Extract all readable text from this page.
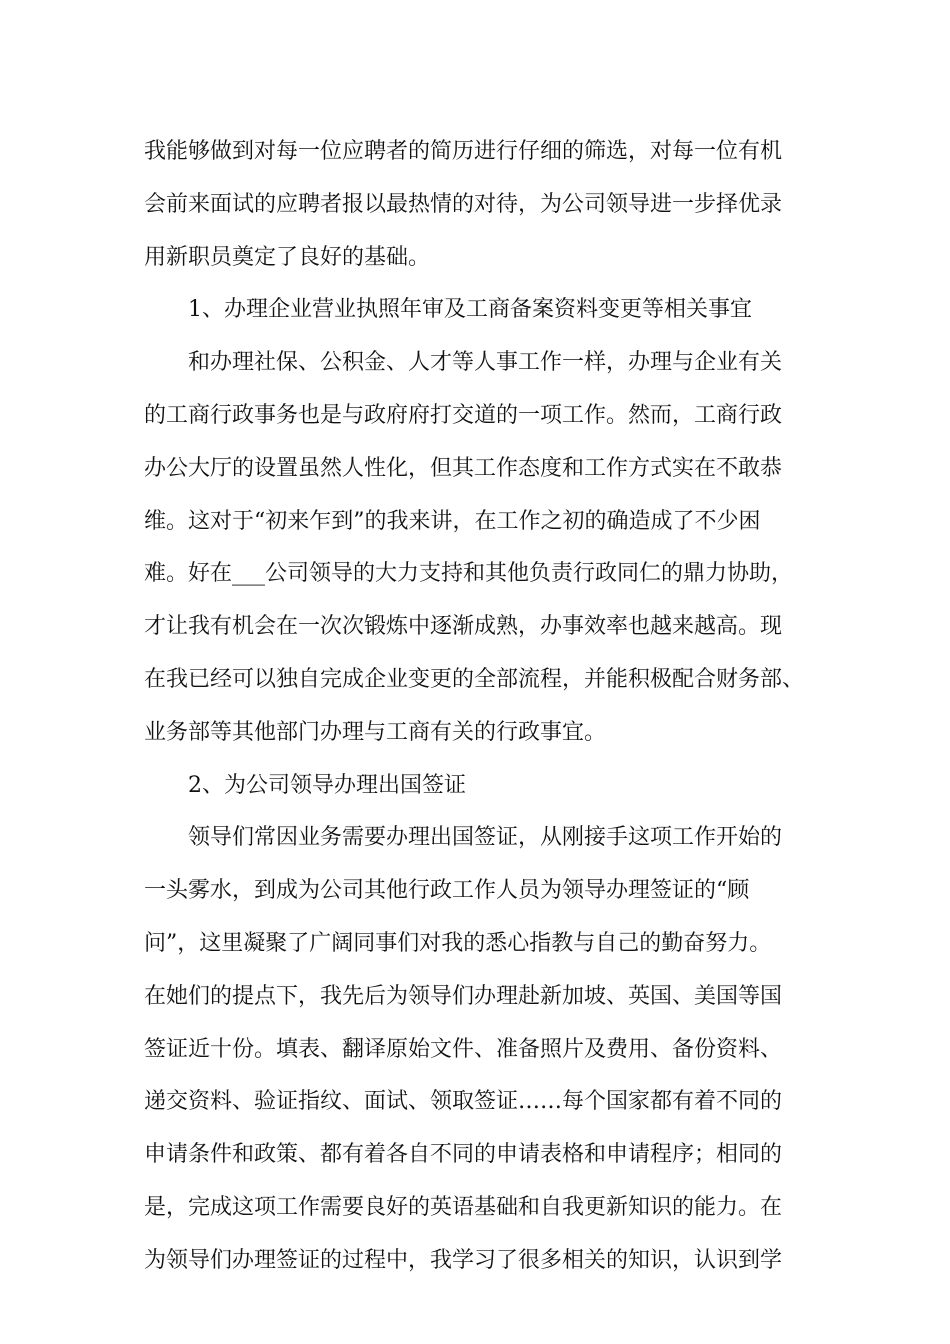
我能够做到对每一位应聘者的简历进行仔细的筛选，对每一位有机
会前来面试的应聘者报以最热情的对待，为公司领导进一步择优录
用新职员奠定了良好的基础。
1、办理企业营业执照年审及工商备案资料变更等相关事宜
和办理社保、公积金、人才等人事工作一样，办理与企业有关
的工商行政事务也是与政府府打交道的一项工作。然而，工商行政
办公大厅的设置虽然人性化，但其工作态度和工作方式实在不敢恭
维。这对于“初来乍到”的我来讲，在工作之初的确造成了不少困
难。好在___公司领导的大力支持和其他负责行政同仁的鼎力协助，
才让我有机会在一次次锻炼中逐渐成熟，办事效率也越来越高。现
在我已经可以独自完成企业变更的全部流程，并能积极配合财务部、
业务部等其他部门办理与工商有关的行政事宜。
2、为公司领导办理出国签证
领导们常因业务需要办理出国签证，从刚接手这项工作开始的
一头雾水，到成为公司其他行政工作人员为领导办理签证的“顾
问”，这里凝聚了广阔同事们对我的悉心指教与自己的勤奋努力。
在她们的提点下，我先后为领导们办理赴新加坡、英国、美国等国
签证近十份。填表、翻译原始文件、准备照片及费用、备份资料、
递交资料、验证指纹、面试、领取签证……每个国家都有着不同的
申请条件和政策、都有着各自不同的申请表格和申请程序；相同的
是，完成这项工作需要良好的英语基础和自我更新知识的能力。在
为领导们办理签证的过程中，我学习了很多相关的知识，认识到学
